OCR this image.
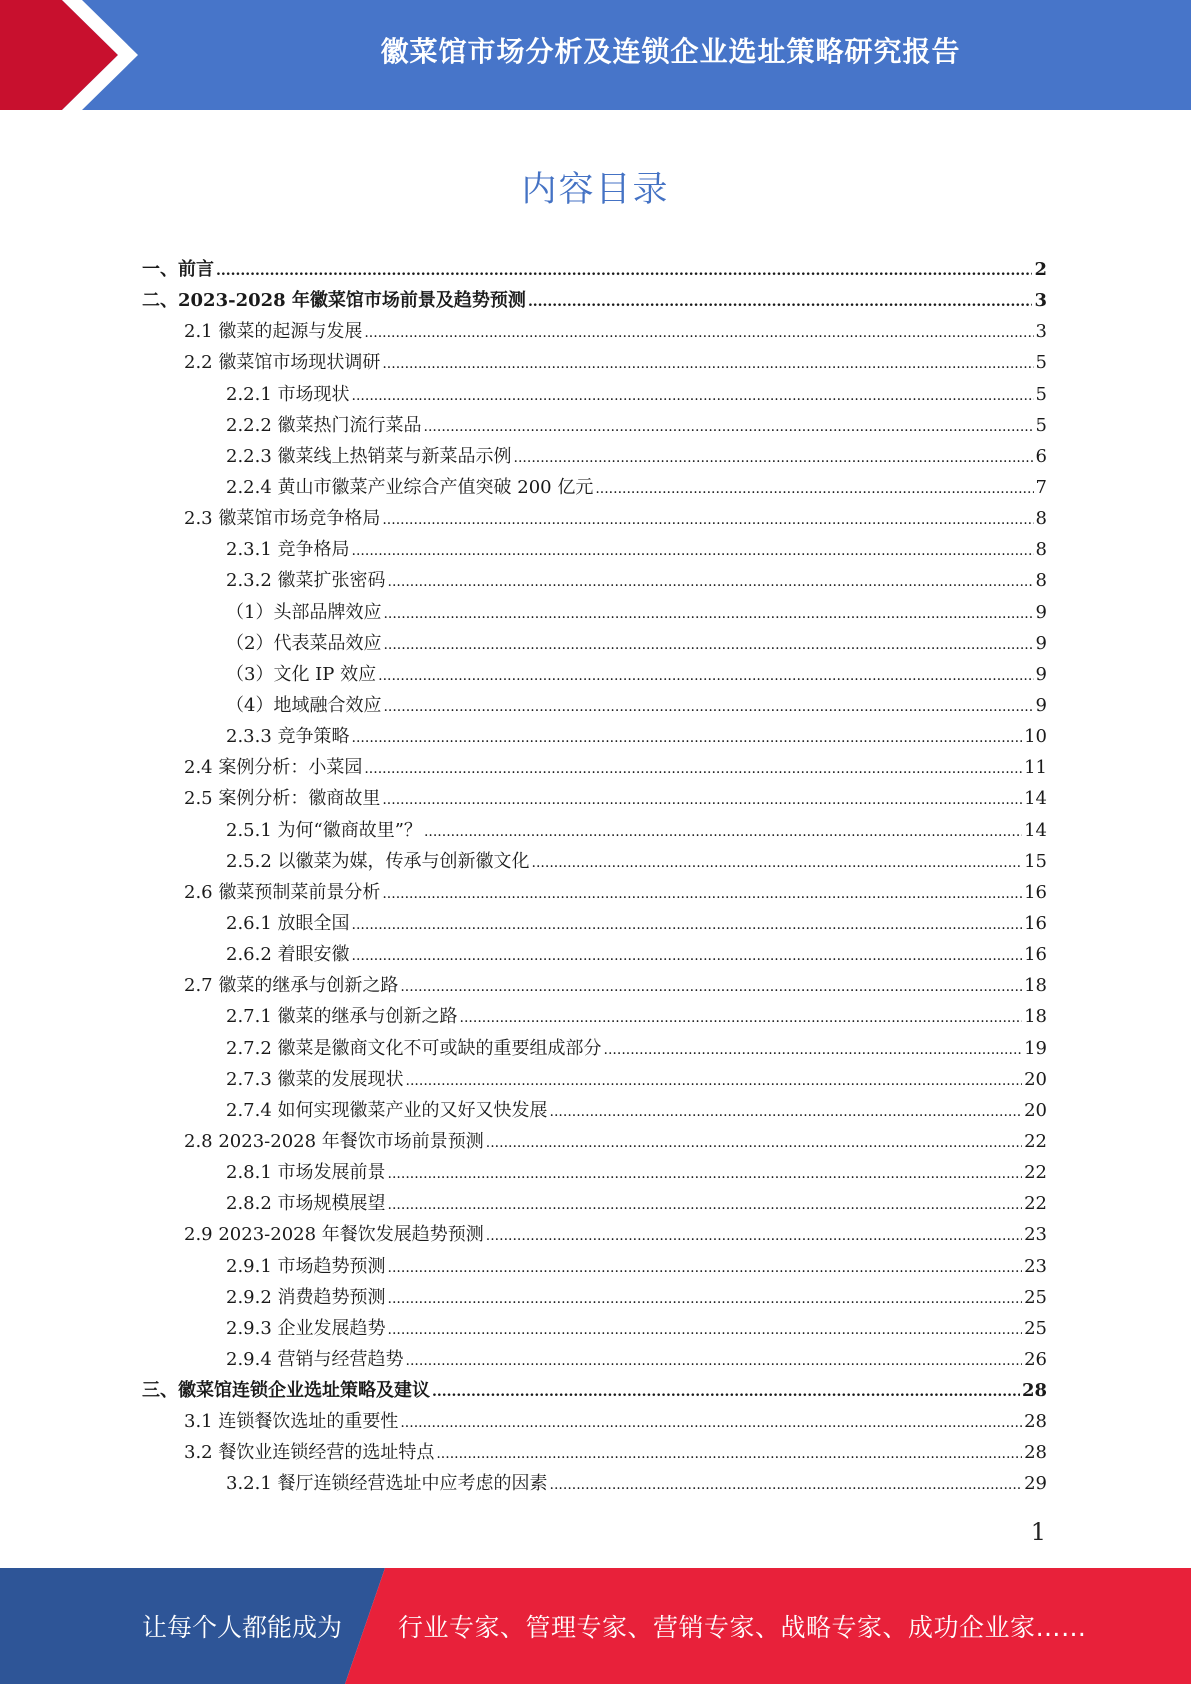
徽菜馆市场分析及连锁企业选址策略研究报告
内容目录
一、前言 .....	2
二、2023-2028 年徽菜馆市场前景及趋势预测 .....	3
2.1 徽菜的起源与发展 .....	3
2.2 徽菜馆市场现状调研 .....	5
2.2.1 市场现状 .....	5
2.2.2 徽菜热门流行菜品 .....	5
2.2.3 徽菜线上热销菜与新菜品示例 .....	6
2.2.4 黄山市徽菜产业综合产值突破 200 亿元 .....	7
2.3 徽菜馆市场竞争格局 .....	8
2.3.1 竞争格局 .....	8
2.3.2 徽菜扩张密码 .....	8
（1）头部品牌效应 .....	9
（2）代表菜品效应 .....	9
（3）文化 IP 效应 .....	9
（4）地域融合效应 .....	9
2.3.3 竞争策略 .....	10
2.4 案例分析：小菜园 .....	11
2.5 案例分析：徽商故里 .....	14
2.5.1 为何“徽商故里”？ .....	14
2.5.2 以徽菜为媒，传承与创新徽文化 .....	15
2.6 徽菜预制菜前景分析 .....	16
2.6.1 放眼全国 .....	16
2.6.2 着眼安徽 .....	16
2.7 徽菜的继承与创新之路 .....	18
2.7.1 徽菜的继承与创新之路 .....	18
2.7.2 徽菜是徽商文化不可或缺的重要组成部分 .....	19
2.7.3 徽菜的发展现状 .....	20
2.7.4 如何实现徽菜产业的又好又快发展 .....	20
2.8 2023-2028 年餐饮市场前景预测 .....	22
2.8.1 市场发展前景 .....	22
2.8.2 市场规模展望 .....	22
2.9 2023-2028 年餐饮发展趋势预测 .....	23
2.9.1 市场趋势预测 .....	23
2.9.2 消费趋势预测 .....	25
2.9.3 企业发展趋势 .....	25
2.9.4 营销与经营趋势 .....	26
三、徽菜馆连锁企业选址策略及建议 .....	28
3.1 连锁餐饮选址的重要性 .....	28
3.2 餐饮业连锁经营的选址特点 .....	28
3.2.1 餐厅连锁经营选址中应考虑的因素 .....	29
1
让每个人都能成为 行业专家、管理专家、营销专家、战略专家、成功企业家……
